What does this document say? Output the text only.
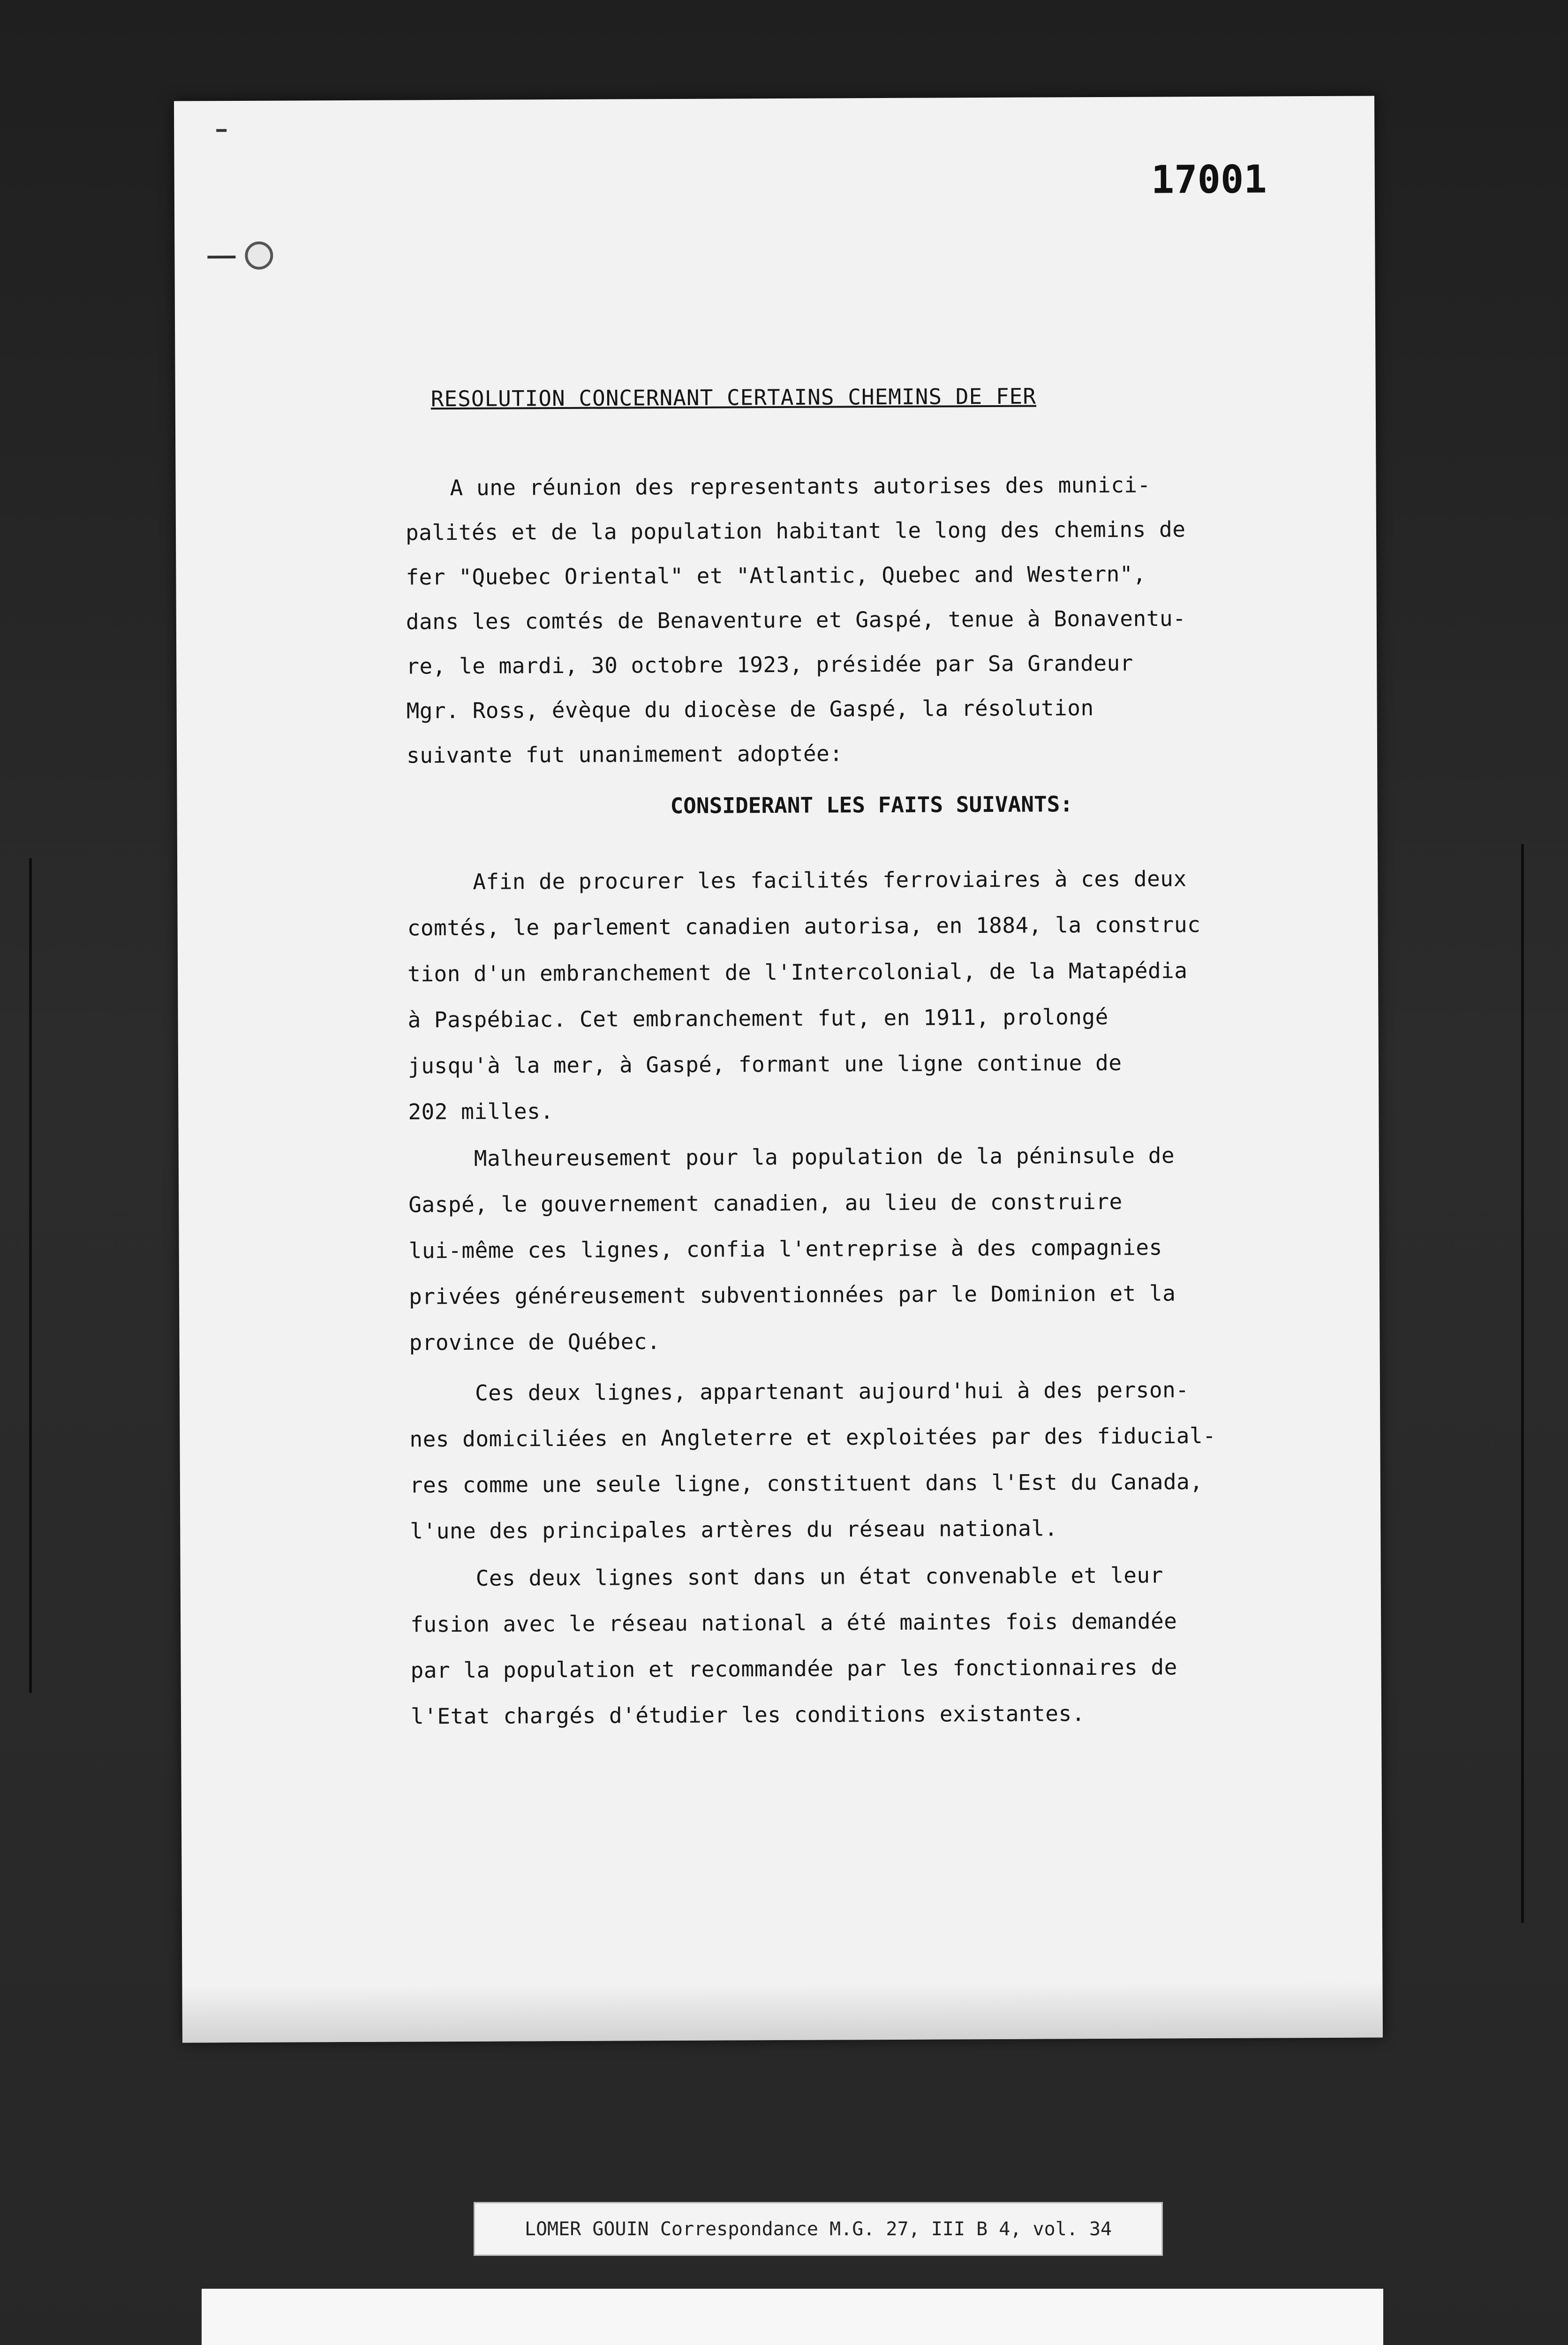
17001
RESOLUTION CONCERNANT CERTAINS CHEMINS DE FER
A une réunion des representants autorises des munici-
palités et de la population habitant le long des chemins de
fer "Quebec Oriental" et "Atlantic, Quebec and Western",
dans les comtés de Benaventure et Gaspé, tenue à Bonaventu-
re, le mardi, 30 octobre 1923, présidée par Sa Grandeur
Mgr. Ross, évèque du diocèse de Gaspé, la résolution
suivante fut unanimement adoptée:
CONSIDERANT LES FAITS SUIVANTS:
Afin de procurer les facilités ferroviaires à ces deux
comtés, le parlement canadien autorisa, en 1884, la construc
tion d'un embranchement de l'Intercolonial, de la Matapédia
à Paspébiac. Cet embranchement fut, en 1911, prolongé
jusqu'à la mer, à Gaspé, formant une ligne continue de
202 milles.
Malheureusement pour la population de la péninsule de
Gaspé, le gouvernement canadien, au lieu de construire
lui-même ces lignes, confia l'entreprise à des compagnies
privées généreusement subventionnées par le Dominion et la
province de Québec.
Ces deux lignes, appartenant aujourd'hui à des person-
nes domiciliées en Angleterre et exploitées par des fiducial-
res comme une seule ligne, constituent dans l'Est du Canada,
l'une des principales artères du réseau national.
Ces deux lignes sont dans un état convenable et leur
fusion avec le réseau national a été maintes fois demandée
par la population et recommandée par les fonctionnaires de
l'Etat chargés d'étudier les conditions existantes.
LOMER GOUIN Correspondance M.G. 27, III B 4, vol. 34
